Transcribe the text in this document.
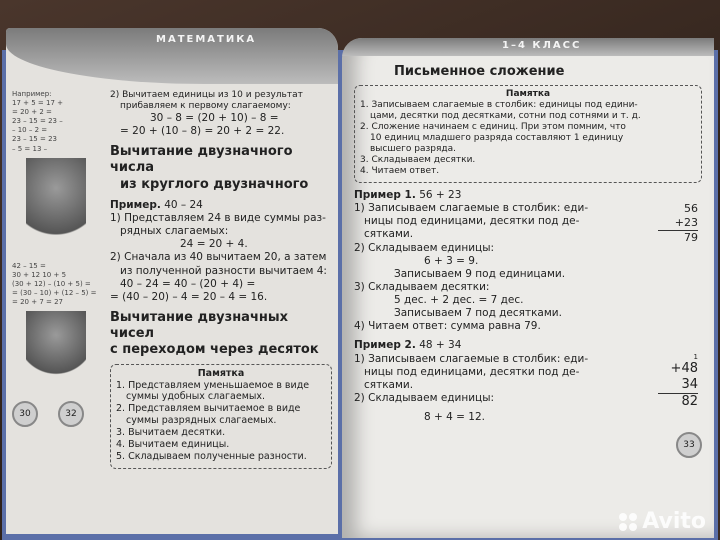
МАТЕМАТИКА
Например:
17 + 5 = 17 +
= 20 + 2 =
23 – 15 = 23 –
– 10 – 2 =
23 – 15 = 23
– 5 = 13 –
42 – 15 =
30 + 12 10 + 5
(30 + 12) – (10 + 5) =
= (30 – 10) + (12 – 5) =
= 20 + 7 = 27
30	32
2) Вычитаем единицы из 10 и результат
прибавляем к первому слагаемому:
30 – 8 = (20 + 10) – 8 =
= 20 + (10 – 8) = 20 + 2 = 22.
Вычитание двузначного числа
из круглого двузначного
Пример. 40 – 24
1) Представляем 24 в виде суммы раз-
рядных слагаемых:
24 = 20 + 4.
2) Сначала из 40 вычитаем 20, а затем
из полученной разности вычитаем 4:
40 – 24 = 40 – (20 + 4) =
= (40 – 20) – 4 = 20 – 4 = 16.
Вычитание двузначных чисел
с переходом через десяток
Памятка
1. Представляем уменьшаемое в виде
суммы удобных слагаемых.
2. Представляем вычитаемое в виде
суммы разрядных слагаемых.
3. Вычитаем десятки.
4. Вычитаем единицы.
5. Складываем полученные разности.
1–4 КЛАСС
Письменное сложение
Памятка
1. Записываем слагаемые в столбик: единицы под едини-
цами, десятки под десятками, сотни под сотнями и т. д.
2. Сложение начинаем с единиц. При этом помним, что
10 единиц младшего разряда составляют 1 единицу
высшего разряда.
3. Складываем десятки.
4. Читаем ответ.
Пример 1. 56 + 23
1) Записываем слагаемые в столбик: еди-
ницы под единицами, десятки под де-
сятками.
2) Складываем единицы:
6 + 3 = 9.
Записываем 9 под единицами.
3) Складываем десятки:
5 дес. + 2 дес. = 7 дес.
Записываем 7 под десятками.
4) Читаем ответ: сумма равна 79.
56
+23
79
Пример 2. 48 + 34
1) Записываем слагаемые в столбик: еди-
ницы под единицами, десятки под де-
сятками.
2) Складываем единицы:
8 + 4 = 12.
1
+48
34
82
33

Avito
